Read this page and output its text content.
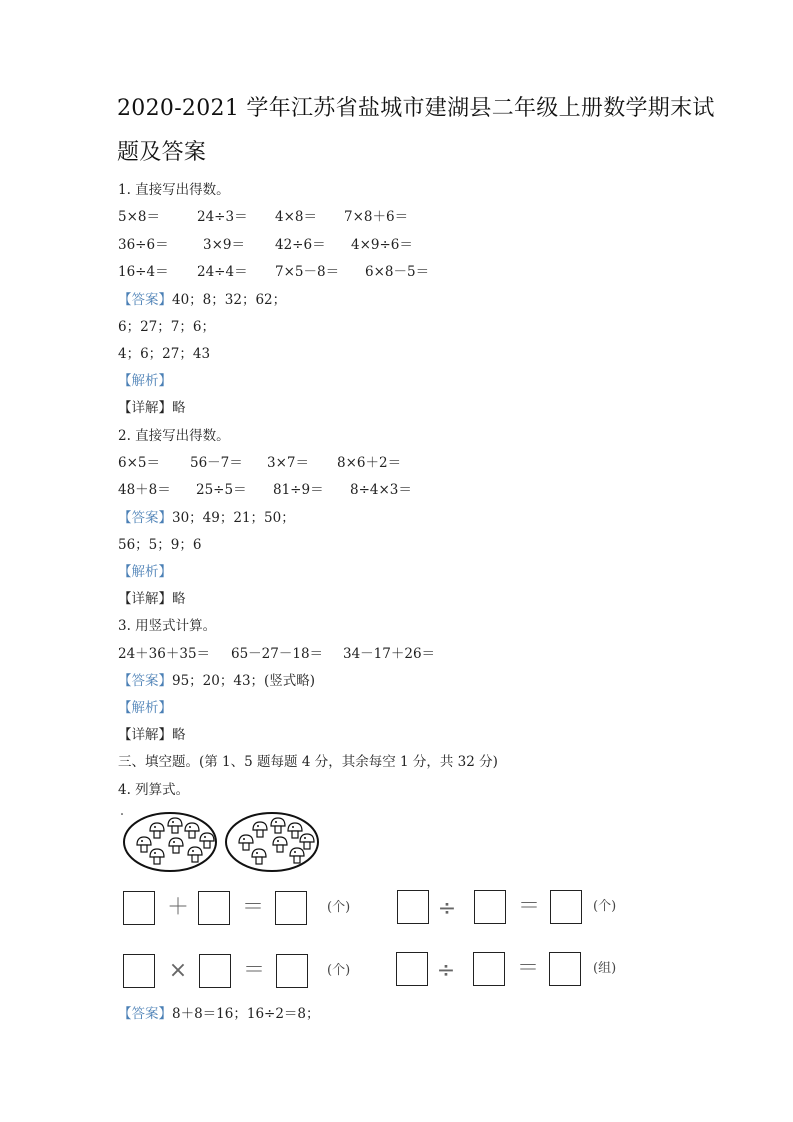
2020-2021 学年江苏省盐城市建湖县二年级上册数学期末试
题及答案
1. 直接写出得数。
5×8＝	24÷3＝ 4×8＝ 7×8＋6＝
36÷6＝	3×9＝ 42÷6＝ 4×9÷6＝
16÷4＝ 24÷4＝ 7×5－8＝ 6×8－5＝
【答案】40；8；32；62；
6；27；7；6；
4；6；27；43
【解析】
【详解】略
2. 直接写出得数。
6×5＝ 56－7＝ 3×7＝ 8×6＋2＝
48＋8＝ 25÷5＝ 81÷9＝ 8÷4×3＝
【答案】30；49；21；50；
56；5；9；6
【解析】
【详解】略
3. 用竖式计算。
24＋36＋35＝ 65－27－18＝ 34－17＋26＝
【答案】95；20；43；(竖式略)
【解析】
【详解】略
三、填空题。(第 1、5 题每题 4 分，其余每空 1 分，共 32 分)
4. 列算式。
＋ ＝	(个)	÷	＝	(个)
×	＝	(个)	÷	＝	(组)
【答案】8＋8＝16；16÷2＝8；
